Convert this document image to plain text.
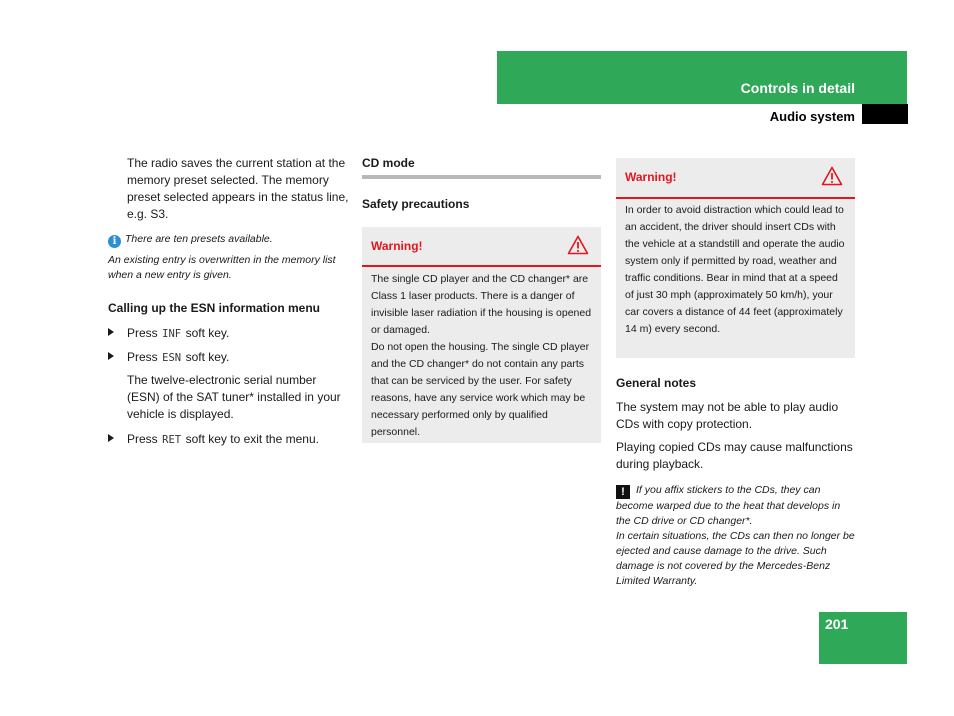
Controls in detail
Audio system

The radio saves the current station at the memory preset selected. The memory preset selected appears in the status line, e.g. S3.

i There are ten presets available.

An existing entry is overwritten in the memory list when a new entry is given.

Calling up the ESN information menu

Press INF soft key.
Press ESN soft key.

The twelve-electronic serial number (ESN) of the SAT tuner* installed in your vehicle is displayed.

Press RET soft key to exit the menu.

CD mode

Safety precautions

Warning!
The single CD player and the CD changer* are Class 1 laser products. There is a danger of invisible laser radiation if the housing is opened or damaged.
Do not open the housing. The single CD player and the CD changer* do not contain any parts that can be serviced by the user. For safety reasons, have any service work which may be necessary performed only by qualified personnel.
Warning!
In order to avoid distraction which could lead to an accident, the driver should insert CDs with the vehicle at a standstill and operate the audio system only if permitted by road, weather and traffic conditions. Bear in mind that at a speed of just 30 mph (approximately 50 km/h), your car covers a distance of 44 feet (approximately 14 m) every second.

General notes

The system may not be able to play audio CDs with copy protection.

Playing copied CDs may cause malfunctions during playback.

! If you affix stickers to the CDs, they can become warped due to the heat that develops in the CD drive or CD changer*.

In certain situations, the CDs can then no longer be ejected and cause damage to the drive. Such damage is not covered by the Mercedes-Benz Limited Warranty.

201
